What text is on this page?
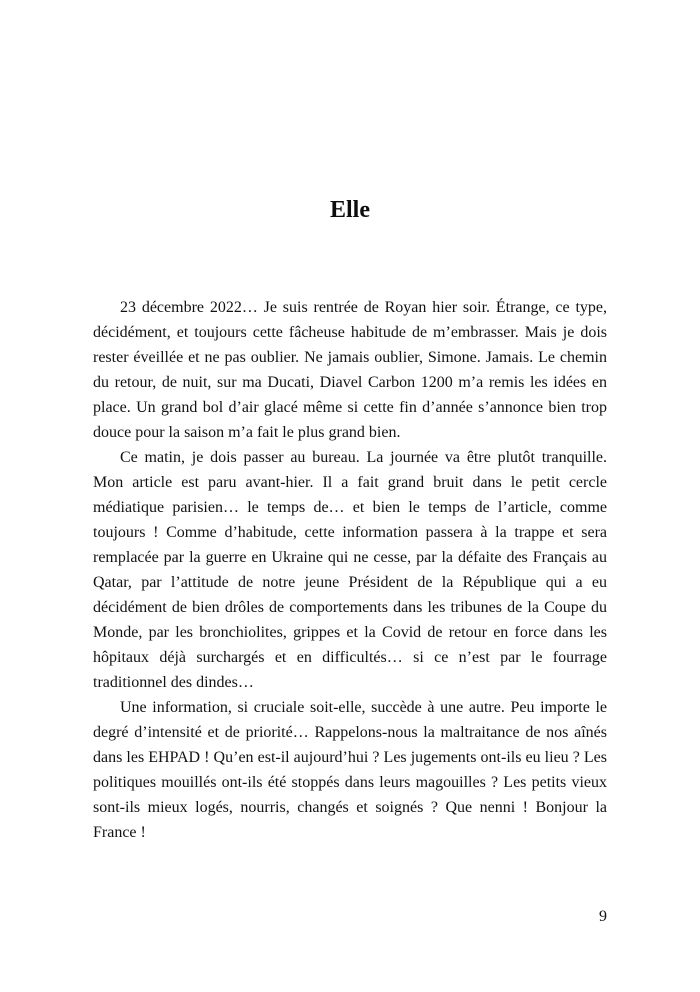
Elle

23 décembre 2022… Je suis rentrée de Royan hier soir. Étrange, ce type, décidément, et toujours cette fâcheuse habitude de m’embrasser. Mais je dois rester éveillée et ne pas oublier. Ne jamais oublier, Simone. Jamais. Le chemin du retour, de nuit, sur ma Ducati, Diavel Carbon 1200 m’a remis les idées en place. Un grand bol d’air glacé même si cette fin d’année s’annonce bien trop douce pour la saison m’a fait le plus grand bien.

Ce matin, je dois passer au bureau. La journée va être plutôt tranquille. Mon article est paru avant-hier. Il a fait grand bruit dans le petit cercle médiatique parisien… le temps de… et bien le temps de l’article, comme toujours ! Comme d’habitude, cette information passera à la trappe et sera remplacée par la guerre en Ukraine qui ne cesse, par la défaite des Français au Qatar, par l’attitude de notre jeune Président de la République qui a eu décidément de bien drôles de comportements dans les tribunes de la Coupe du Monde, par les bronchiolites, grippes et la Covid de retour en force dans les hôpitaux déjà surchargés et en difficultés… si ce n’est par le fourrage traditionnel des dindes…

Une information, si cruciale soit-elle, succède à une autre. Peu importe le degré d’intensité et de priorité… Rappelons-nous la maltraitance de nos aînés dans les EHPAD ! Qu’en est-il aujourd’hui ? Les jugements ont-ils eu lieu ? Les politiques mouillés ont-ils été stoppés dans leurs magouilles ? Les petits vieux sont-ils mieux logés, nourris, changés et soignés ? Que nenni ! Bonjour la France !

9
